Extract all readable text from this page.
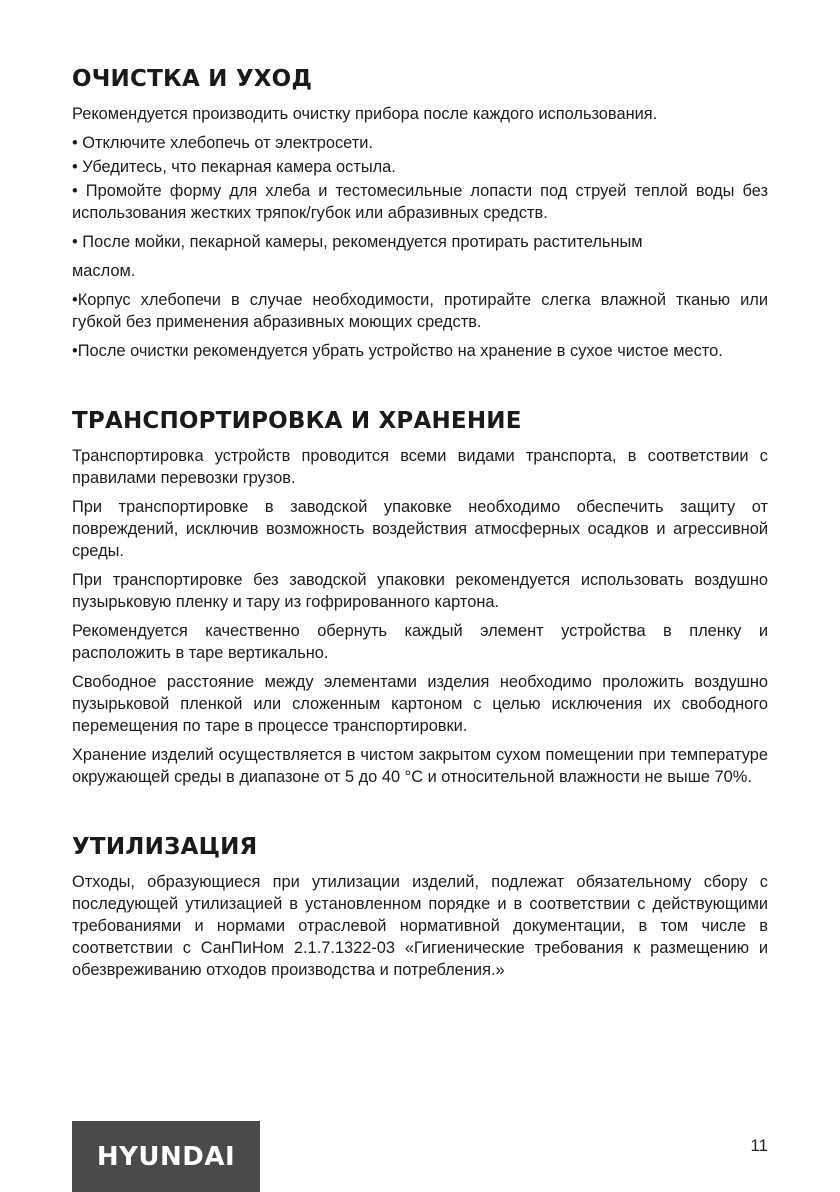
ОЧИСТКА И УХОД

Рекомендуется производить очистку прибора после каждого использования.

• Отключите хлебопечь от электросети.

• Убедитесь, что пекарная камера остыла.

• Промойте форму для хлеба и тестомесильные лопасти под струей теплой воды без использования жестких тряпок/губок или абразивных средств.

• После мойки, пекарной камеры, рекомендуется протирать растительным

маслом.

•Корпус хлебопечи в случае необходимости, протирайте слегка влажной тканью или губкой без применения абразивных моющих средств.

•После очистки рекомендуется убрать устройство на хранение в сухое чистое место.

ТРАНСПОРТИРОВКА И ХРАНЕНИЕ

Транспортировка устройств проводится всеми видами транспорта, в соответствии с правилами перевозки грузов.

При транспортировке в заводской упаковке необходимо обеспечить защиту от повреждений, исключив возможность воздействия атмосферных осадков и агрессивной среды.

При транспортировке без заводской упаковки рекомендуется использовать воздушно пузырьковую пленку и тару из гофрированного картона.

Рекомендуется качественно обернуть каждый элемент устройства в пленку и расположить в таре вертикально.

Свободное расстояние между элементами изделия необходимо проложить воздушно пузырьковой пленкой или сложенным картоном с целью исключения их свободного перемещения по таре в процессе транспортировки.

Хранение изделий осуществляется в чистом закрытом сухом помещении при температуре окружающей среды в диапазоне от 5 до 40 °C и относительной влажности не выше 70%.

УТИЛИЗАЦИЯ

Отходы, образующиеся при утилизации изделий, подлежат обязательному сбору с последующей утилизацией в установленном порядке и в соответствии с действующими требованиями и нормами отраслевой нормативной документации, в том числе в соответствии с СанПиНом 2.1.7.1322-03 «Гигиенические требования к размещению и обезвреживанию отходов производства и потребления.»

HYUNDAI	11
